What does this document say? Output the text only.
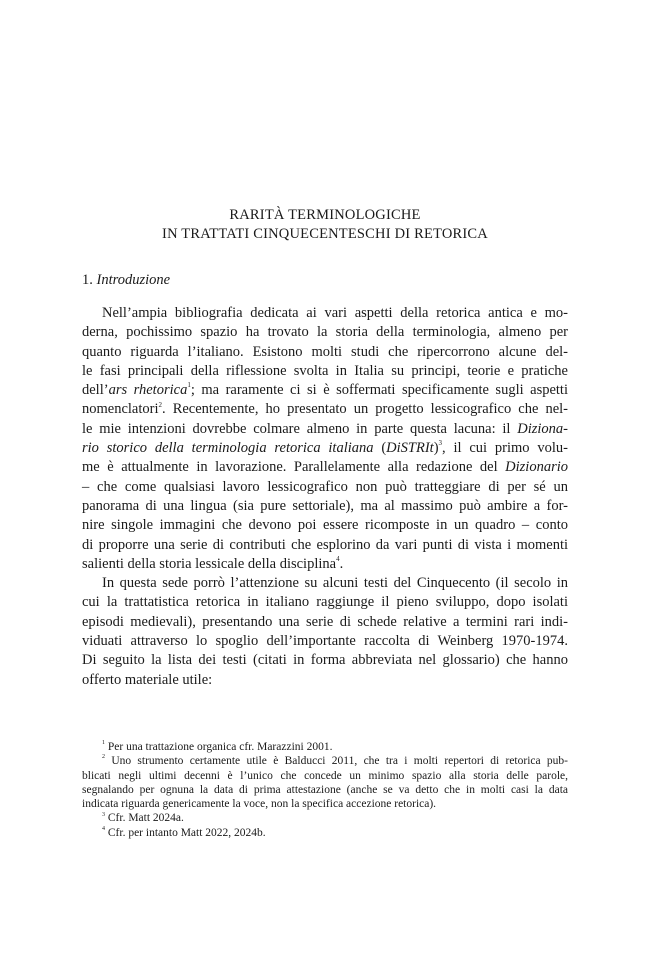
RARITÀ TERMINOLOGICHE
IN TRATTATI CINQUECENTESCHI DI RETORICA
1. Introduzione
Nell’ampia bibliografia dedicata ai vari aspetti della retorica antica e mo-
derna, pochissimo spazio ha trovato la storia della terminologia, almeno per
quanto riguarda l’italiano. Esistono molti studi che ripercorrono alcune del-
le fasi principali della riflessione svolta in Italia su principi, teorie e pratiche
dell’ars rhetorica$^1$; ma raramente ci si è soffermati specificamente sugli aspetti
nomenclatori$^2$. Recentemente, ho presentato un progetto lessicografico che nel-
le mie intenzioni dovrebbe colmare almeno in parte questa lacuna: il Diziona-
rio storico della terminologia retorica italiana (DiSTRIt)$^3$, il cui primo volu-
me è attualmente in lavorazione. Parallelamente alla redazione del Dizionario
– che come qualsiasi lavoro lessicografico non può tratteggiare di per sé un
panorama di una lingua (sia pure settoriale), ma al massimo può ambire a for-
nire singole immagini che devono poi essere ricomposte in un quadro – conto
di proporre una serie di contributi che esplorino da vari punti di vista i momenti
salienti della storia lessicale della disciplina$^4$.
In questa sede porrò l’attenzione su alcuni testi del Cinquecento (il secolo in
cui la trattatistica retorica in italiano raggiunge il pieno sviluppo, dopo isolati
episodi medievali), presentando una serie di schede relative a termini rari indi-
viduati attraverso lo spoglio dell’importante raccolta di Weinberg 1970-1974.
Di seguito la lista dei testi (citati in forma abbreviata nel glossario) che hanno
offerto materiale utile:
$^1$ Per una trattazione organica cfr. Marazzini 2001.
$^2$ Uno strumento certamente utile è Balducci 2011, che tra i molti repertori di retorica pub-
blicati negli ultimi decenni è l’unico che concede un minimo spazio alla storia delle parole,
segnalando per ognuna la data di prima attestazione (anche se va detto che in molti casi la data
indicata riguarda genericamente la voce, non la specifica accezione retorica).
$^3$ Cfr. Matt 2024a.
$^4$ Cfr. per intanto Matt 2022, 2024b.
